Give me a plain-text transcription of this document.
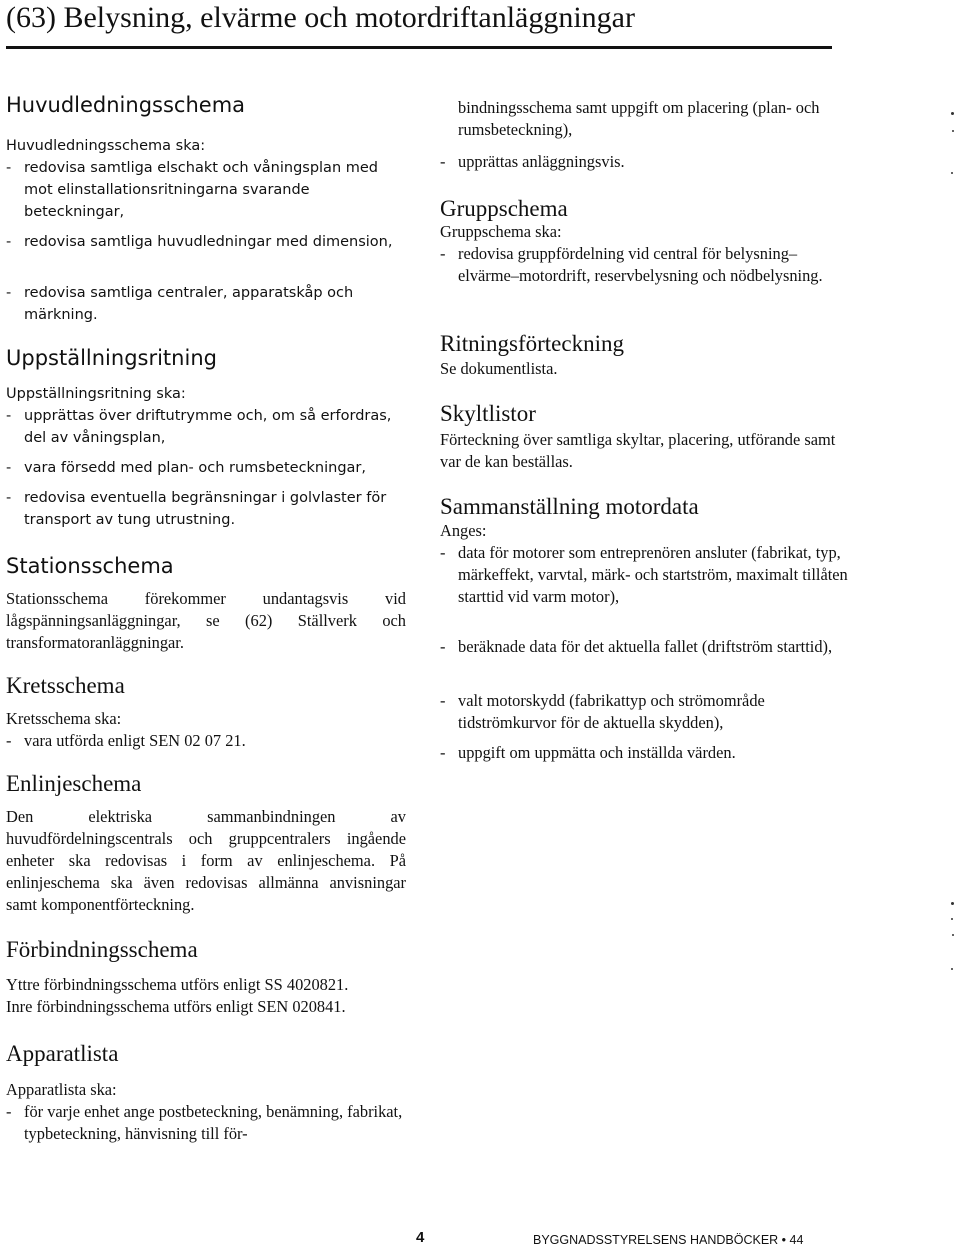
(63) Belysning, elvärme och motordriftanläggningar
Huvudledningsschema
Huvudledningsschema ska:
- redovisa samtliga elschakt och våningsplan med mot elinstallationsritningarna svarande beteckningar,
- redovisa samtliga huvudledningar med dimension,
- redovisa samtliga centraler, apparatskåp och märkning.
Uppställningsritning
Uppställningsritning ska:
- upprättas över driftutrymme och, om så erfordras, del av våningsplan,
- vara försedd med plan- och rumsbeteckningar,
- redovisa eventuella begränsningar i golvlaster för transport av tung utrustning.
Stationsschema
Stationsschema förekommer undantagsvis vid lågspänningsanläggningar, se (62) Ställverk och transformatoranläggningar.
Kretsschema
Kretsschema ska:
- vara utförda enligt SEN 02 07 21.
Enlinjeschema
Den elektriska sammanbindningen av huvudfördelningscentrals och gruppcentralers ingående enheter ska redovisas i form av enlinjeschema. På enlinjeschema ska även redovisas allmänna anvisningar samt komponentförteckning.
Förbindningsschema
Yttre förbindningsschema utförs enligt SS 4020821.
Inre förbindningsschema utförs enligt SEN 020841.
Apparatlista
Apparatlista ska:
- för varje enhet ange postbeteckning, benämning, fabrikat, typbeteckning, hänvisning till för-
bindningsschema samt uppgift om placering (plan- och rumsbeteckning),
- upprättas anläggningsvis.
Gruppschema
Gruppschema ska:
- redovisa gruppfördelning vid central för belysning–elvärme–motordrift, reservbelysning och nödbelysning.
Ritningsförteckning
Se dokumentlista.
Skyltlistor
Förteckning över samtliga skyltar, placering, utförande samt var de kan beställas.
Sammanställning motordata
Anges:
- data för motorer som entreprenören ansluter (fabrikat, typ, märkeffekt, varvtal, märk- och startström, maximalt tillåten starttid vid varm motor),
- beräknade data för det aktuella fallet (driftström starttid),
- valt motorskydd (fabrikattyp och strömområde tidströmkurvor för de aktuella skydden),
- uppgift om uppmätta och inställda värden.
4	BYGGNADSSTYRELSENS HANDBÖCKER • 44
